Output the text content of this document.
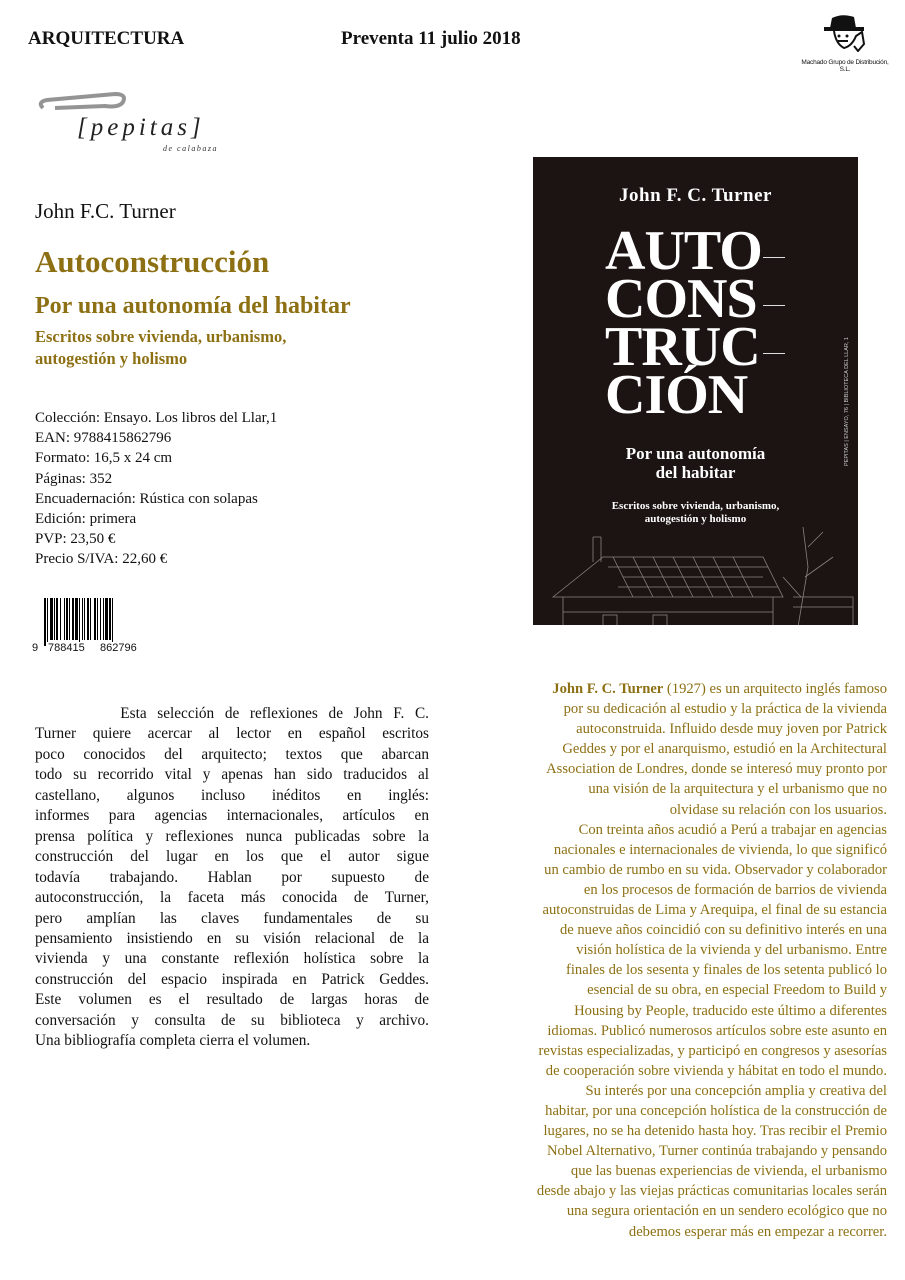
ARQUITECTURA	Preventa 11 julio 2018
Machado Grupo de Distribución, S.L.
[pepitas]
de calabaza
John F.C. Turner
Autoconstrucción
Por una autonomía del habitar
Escritos sobre vivienda, urbanismo,
autogestión y holismo
Colección: Ensayo. Los libros del Llar,1
EAN: 9788415862796
Formato: 16,5 x 24 cm
Páginas: 352
Encuadernación: Rústica con solapas
Edición: primera
PVP: 23,50 €
Precio S/IVA: 22,60 €
9 788415 862796
Esta selección de reflexiones de John F. C.
Turner quiere acercar al lector en español escritos
poco conocidos del arquitecto; textos que abarcan
todo su recorrido vital y apenas han sido traducidos al
castellano, algunos incluso inéditos en inglés:
informes para agencias internacionales, artículos en
prensa política y reflexiones nunca publicadas sobre la
construcción del lugar en los que el autor sigue
todavía trabajando. Hablan por supuesto de
autoconstrucción, la faceta más conocida de Turner,
pero amplían las claves fundamentales de su
pensamiento insistiendo en su visión relacional de la
vivienda y una constante reflexión holística sobre la
construcción del espacio inspirada en Patrick Geddes.
Este volumen es el resultado de largas horas de
conversación y consulta de su biblioteca y archivo.
Una bibliografía completa cierra el volumen.
John F. C. Turner
AUTO
CONS
TRUC
CIÓN
Por una autonomía
del habitar
Escritos sobre vivienda, urbanismo,
autogestión y holismo
PEPITAS | ENSAYO, 76 | BIBLIOTECA DEL LLAR, 1
John F. C. Turner (1927) es un arquitecto inglés famoso
por su dedicación al estudio y la práctica de la vivienda
autoconstruida. Influido desde muy joven por Patrick
Geddes y por el anarquismo, estudió en la Architectural
Association de Londres, donde se interesó muy pronto por
una visión de la arquitectura y el urbanismo que no
olvidase su relación con los usuarios.
Con treinta años acudió a Perú a trabajar en agencias
nacionales e internacionales de vivienda, lo que significó
un cambio de rumbo en su vida. Observador y colaborador
en los procesos de formación de barrios de vivienda
autoconstruidas de Lima y Arequipa, el final de su estancia
de nueve años coincidió con su definitivo interés en una
visión holística de la vivienda y del urbanismo. Entre
finales de los sesenta y finales de los setenta publicó lo
esencial de su obra, en especial Freedom to Build y
Housing by People, traducido este último a diferentes
idiomas. Publicó numerosos artículos sobre este asunto en
revistas especializadas, y participó en congresos y asesorías
de cooperación sobre vivienda y hábitat en todo el mundo.
Su interés por una concepción amplia y creativa del
habitar, por una concepción holística de la construcción de
lugares, no se ha detenido hasta hoy. Tras recibir el Premio
Nobel Alternativo, Turner continúa trabajando y pensando
que las buenas experiencias de vivienda, el urbanismo
desde abajo y las viejas prácticas comunitarias locales serán
una segura orientación en un sendero ecológico que no
debemos esperar más en empezar a recorrer.
